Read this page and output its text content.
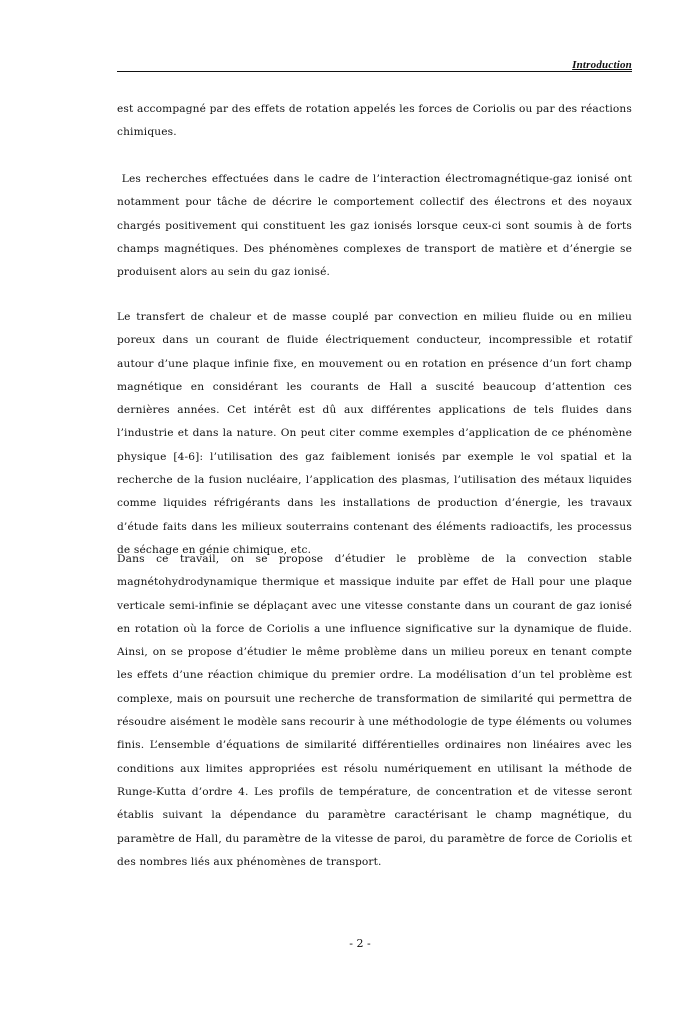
Introduction

est accompagné par des effets de rotation appelés les forces de Coriolis ou par des réactions chimiques.

Les recherches effectuées dans le cadre de l’interaction électromagnétique-gaz ionisé ont notamment pour tâche de décrire le comportement collectif des électrons et des noyaux chargés positivement qui constituent les gaz ionisés lorsque ceux-ci sont soumis à de forts champs magnétiques. Des phénomènes complexes de transport de matière et d’énergie se produisent alors au sein du gaz ionisé.

Le transfert de chaleur et de masse couplé par convection en milieu fluide ou en milieu poreux dans un courant de fluide électriquement conducteur, incompressible et rotatif autour d’une plaque infinie fixe, en mouvement ou en rotation en présence d’un fort champ magnétique en considérant les courants de Hall a suscité beaucoup d’attention ces dernières années. Cet intérêt est dû aux différentes applications de tels fluides dans l’industrie et dans la nature. On peut citer comme exemples d’application de ce phénomène physique [4-6]: l’utilisation des gaz faiblement ionisés par exemple le vol spatial et la recherche de la fusion nucléaire, l’application des plasmas, l’utilisation des métaux liquides comme liquides réfrigérants dans les installations de production d’énergie, les travaux d’étude faits dans les milieux souterrains contenant des éléments radioactifs, les processus de séchage en génie chimique, etc.

Dans ce travail, on se propose d’étudier le problème de la convection stable magnétohydrodynamique thermique et massique induite par effet de Hall pour une plaque verticale semi-infinie se déplaçant avec une vitesse constante dans un courant de gaz ionisé en rotation où la force de Coriolis a une influence significative sur la dynamique de fluide. Ainsi, on se propose d’étudier le même problème dans un milieu poreux en tenant compte les effets d’une réaction chimique du premier ordre. La modélisation d’un tel problème est complexe, mais on poursuit une recherche de transformation de similarité qui permettra de résoudre aisément le modèle sans recourir à une méthodologie de type éléments ou volumes finis. L’ensemble d’équations de similarité différentielles ordinaires non linéaires avec les conditions aux limites appropriées est résolu numériquement en utilisant la méthode de Runge-Kutta d’ordre 4. Les profils de température, de concentration et de vitesse seront établis suivant la dépendance du paramètre caractérisant le champ magnétique, du paramètre de Hall, du paramètre de la vitesse de paroi, du paramètre de force de Coriolis et des nombres liés aux phénomènes de transport.

- 2 -
